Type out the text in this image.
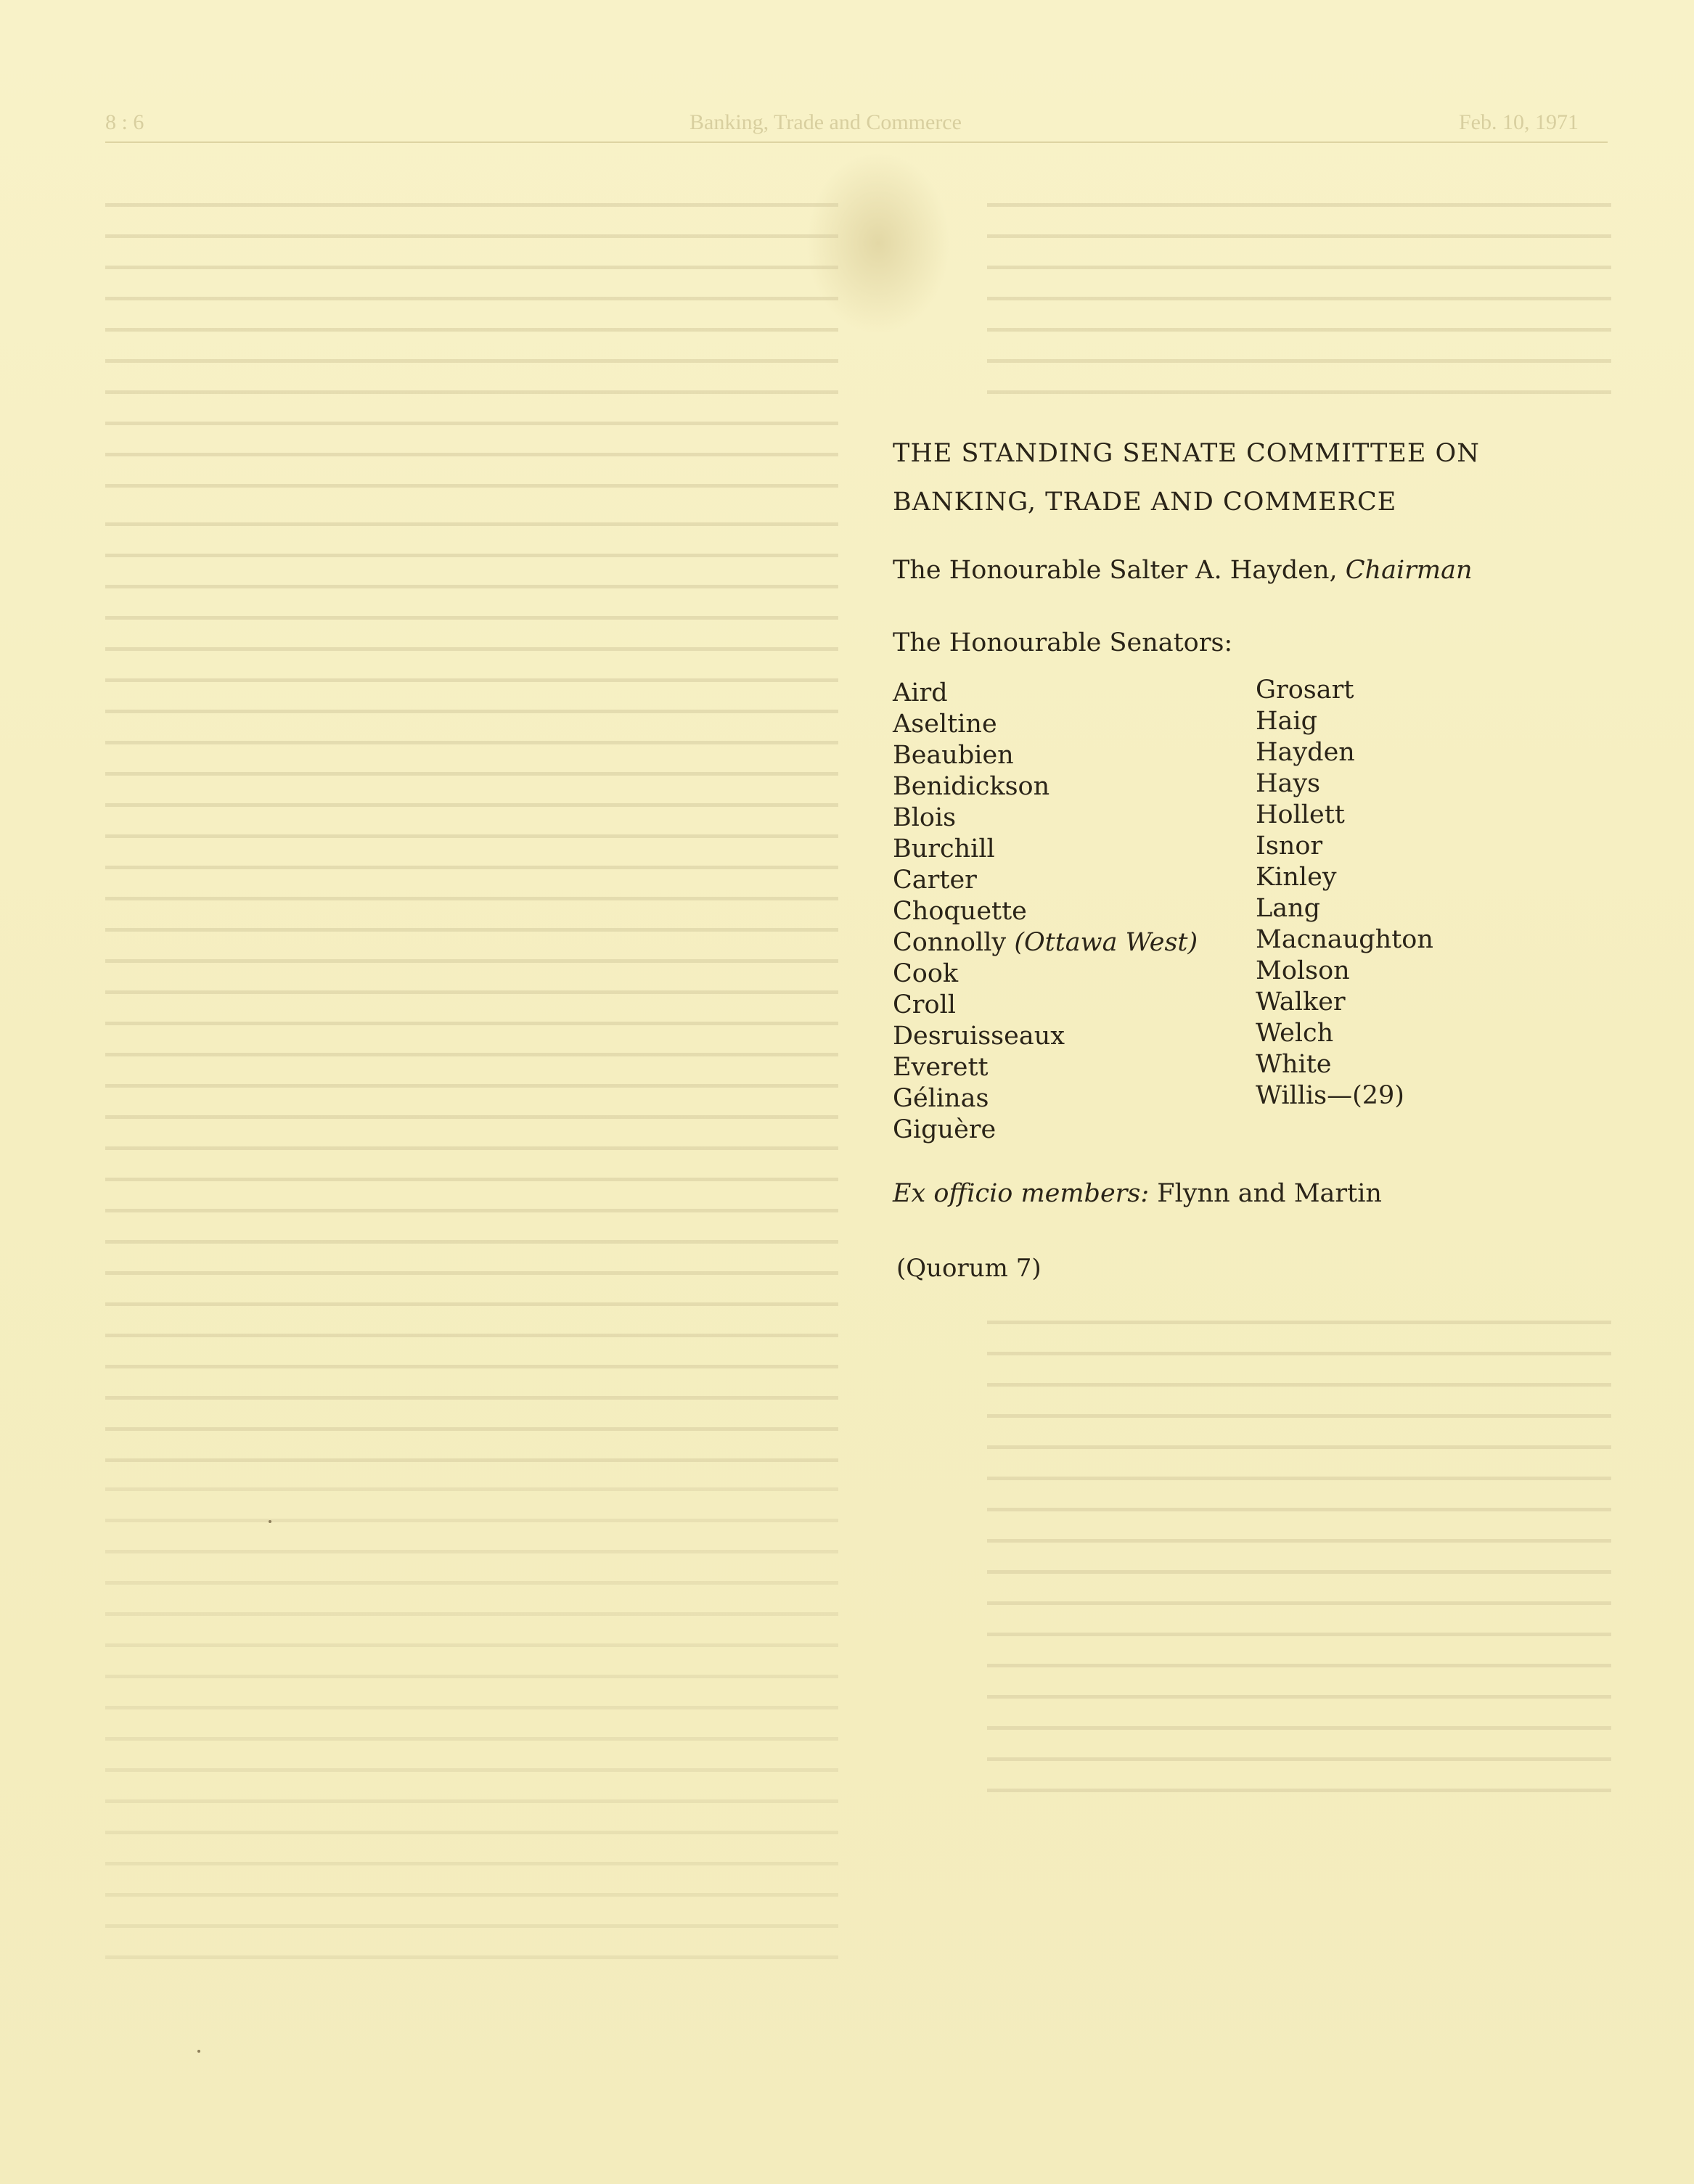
8 : 6	Banking, Trade and Commerce	Feb. 10, 1971
THE STANDING SENATE COMMITTEE ON
BANKING, TRADE AND COMMERCE
The Honourable Salter A. Hayden, Chairman
The Honourable Senators:
Aird
Aseltine
Beaubien
Benidickson
Blois
Burchill
Carter
Choquette
Connolly (Ottawa West)
Cook
Croll
Desruisseaux
Everett
Gélinas
Giguère
Grosart
Haig
Hayden
Hays
Hollett
Isnor
Kinley
Lang
Macnaughton
Molson
Walker
Welch
White
Willis—(29)
Ex officio members: Flynn and Martin
(Quorum 7)
